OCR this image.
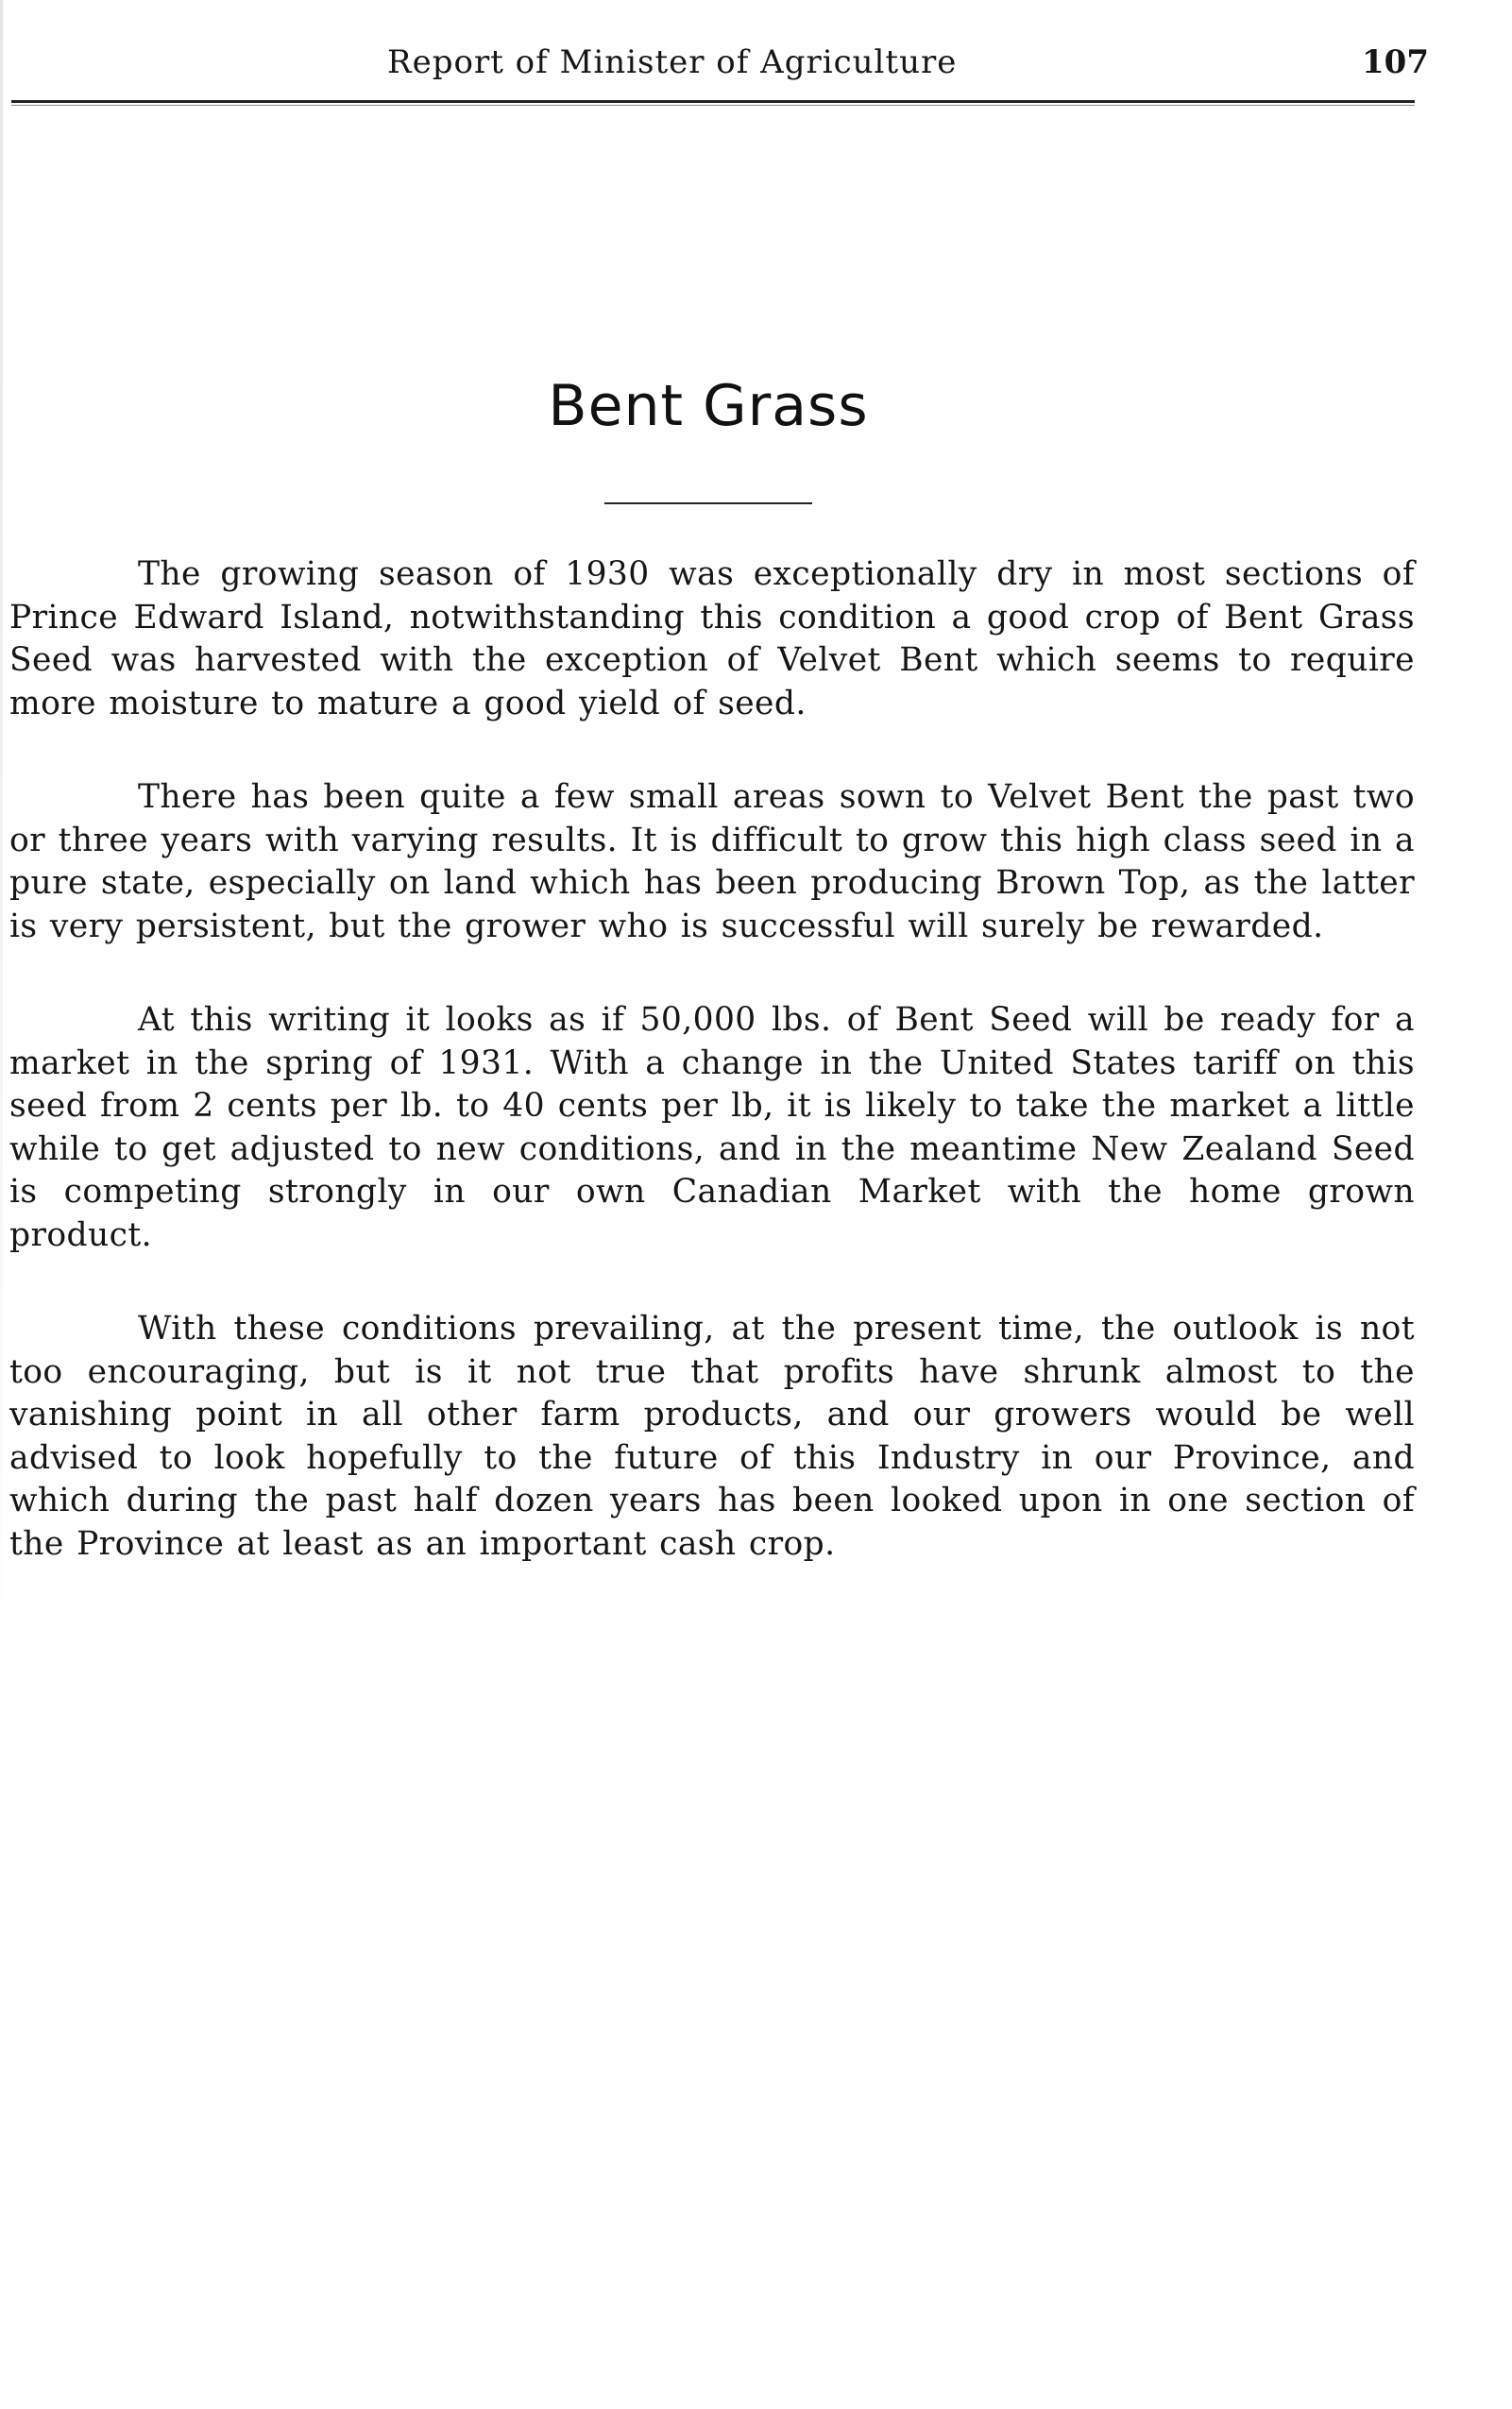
Report of Minister of Agriculture	107
Bent Grass

The growing season of 1930 was exceptionally dry in most sections of Prince Edward Island, notwithstanding this condition a good crop of Bent Grass Seed was harvested with the exception of Velvet Bent which seems to require more moisture to mature a good yield of seed.

There has been quite a few small areas sown to Velvet Bent the past two or three years with varying results. It is difficult to grow this high class seed in a pure state, especially on land which has been producing Brown Top, as the latter is very persistent, but the grower who is successful will surely be rewarded.

At this writing it looks as if 50,000 lbs. of Bent Seed will be ready for a market in the spring of 1931. With a change in the United States tariff on this seed from 2 cents per lb. to 40 cents per lb, it is likely to take the market a little while to get adjusted to new conditions, and in the meantime New Zealand Seed is competing strongly in our own Canadian Market with the home grown product.

With these conditions prevailing, at the present time, the outlook is not too encouraging, but is it not true that profits have shrunk almost to the vanishing point in all other farm products, and our growers would be well advised to look hopefully to the future of this Industry in our Province, and which during the past half dozen years has been looked upon in one section of the Province at least as an important cash crop.
